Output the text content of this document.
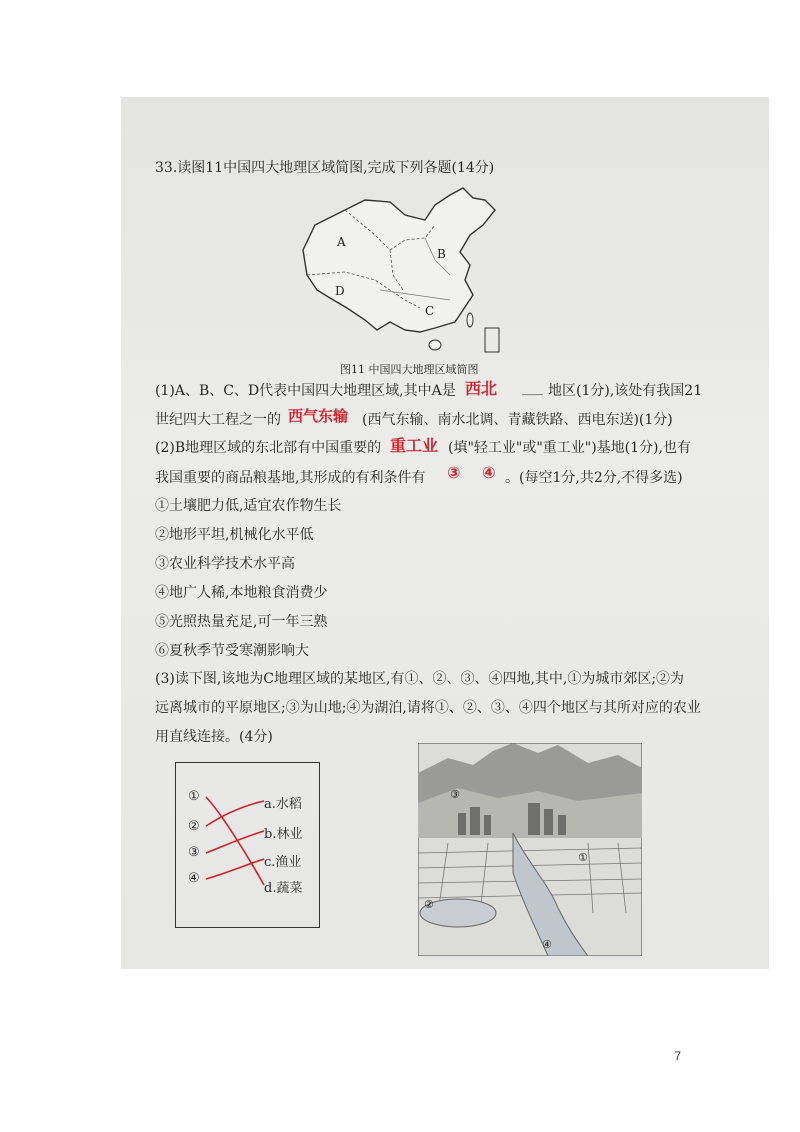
33.读图11中国四大地理区域简图,完成下列各题(14分)
A
B
C
D
图11 中国四大地理区域简图
(1)A、B、C、D代表中国四大地理区域,其中A是 西北 ___ 地区(1分),该处有我国21
世纪四大工程之一的 西气东输 (西气东输、南水北调、青藏铁路、西电东送)(1分)
(2)B地理区域的东北部有中国重要的 重工业 (填"轻工业"或"重工业")基地(1分),也有
我国重要的商品粮基地,其形成的有利条件有 ③ ④ 。(每空1分,共2分,不得多选)
①土壤肥力低,适宜农作物生长
②地形平坦,机械化水平低
③农业科学技术水平高
④地广人稀,本地粮食消费少
⑤光照热量充足,可一年三熟
⑥夏秋季节受寒潮影响大
(3)读下图,该地为C地理区域的某地区,有①、②、③、④四地,其中,①为城市郊区;②为
远离城市的平原地区;③为山地;④为湖泊,请将①、②、③、④四个地区与其所对应的农业
用直线连接。(4分)
①
②
③
④
a.水稻
b.林业
c.渔业
d.蔬菜
③
①
②
④
7
